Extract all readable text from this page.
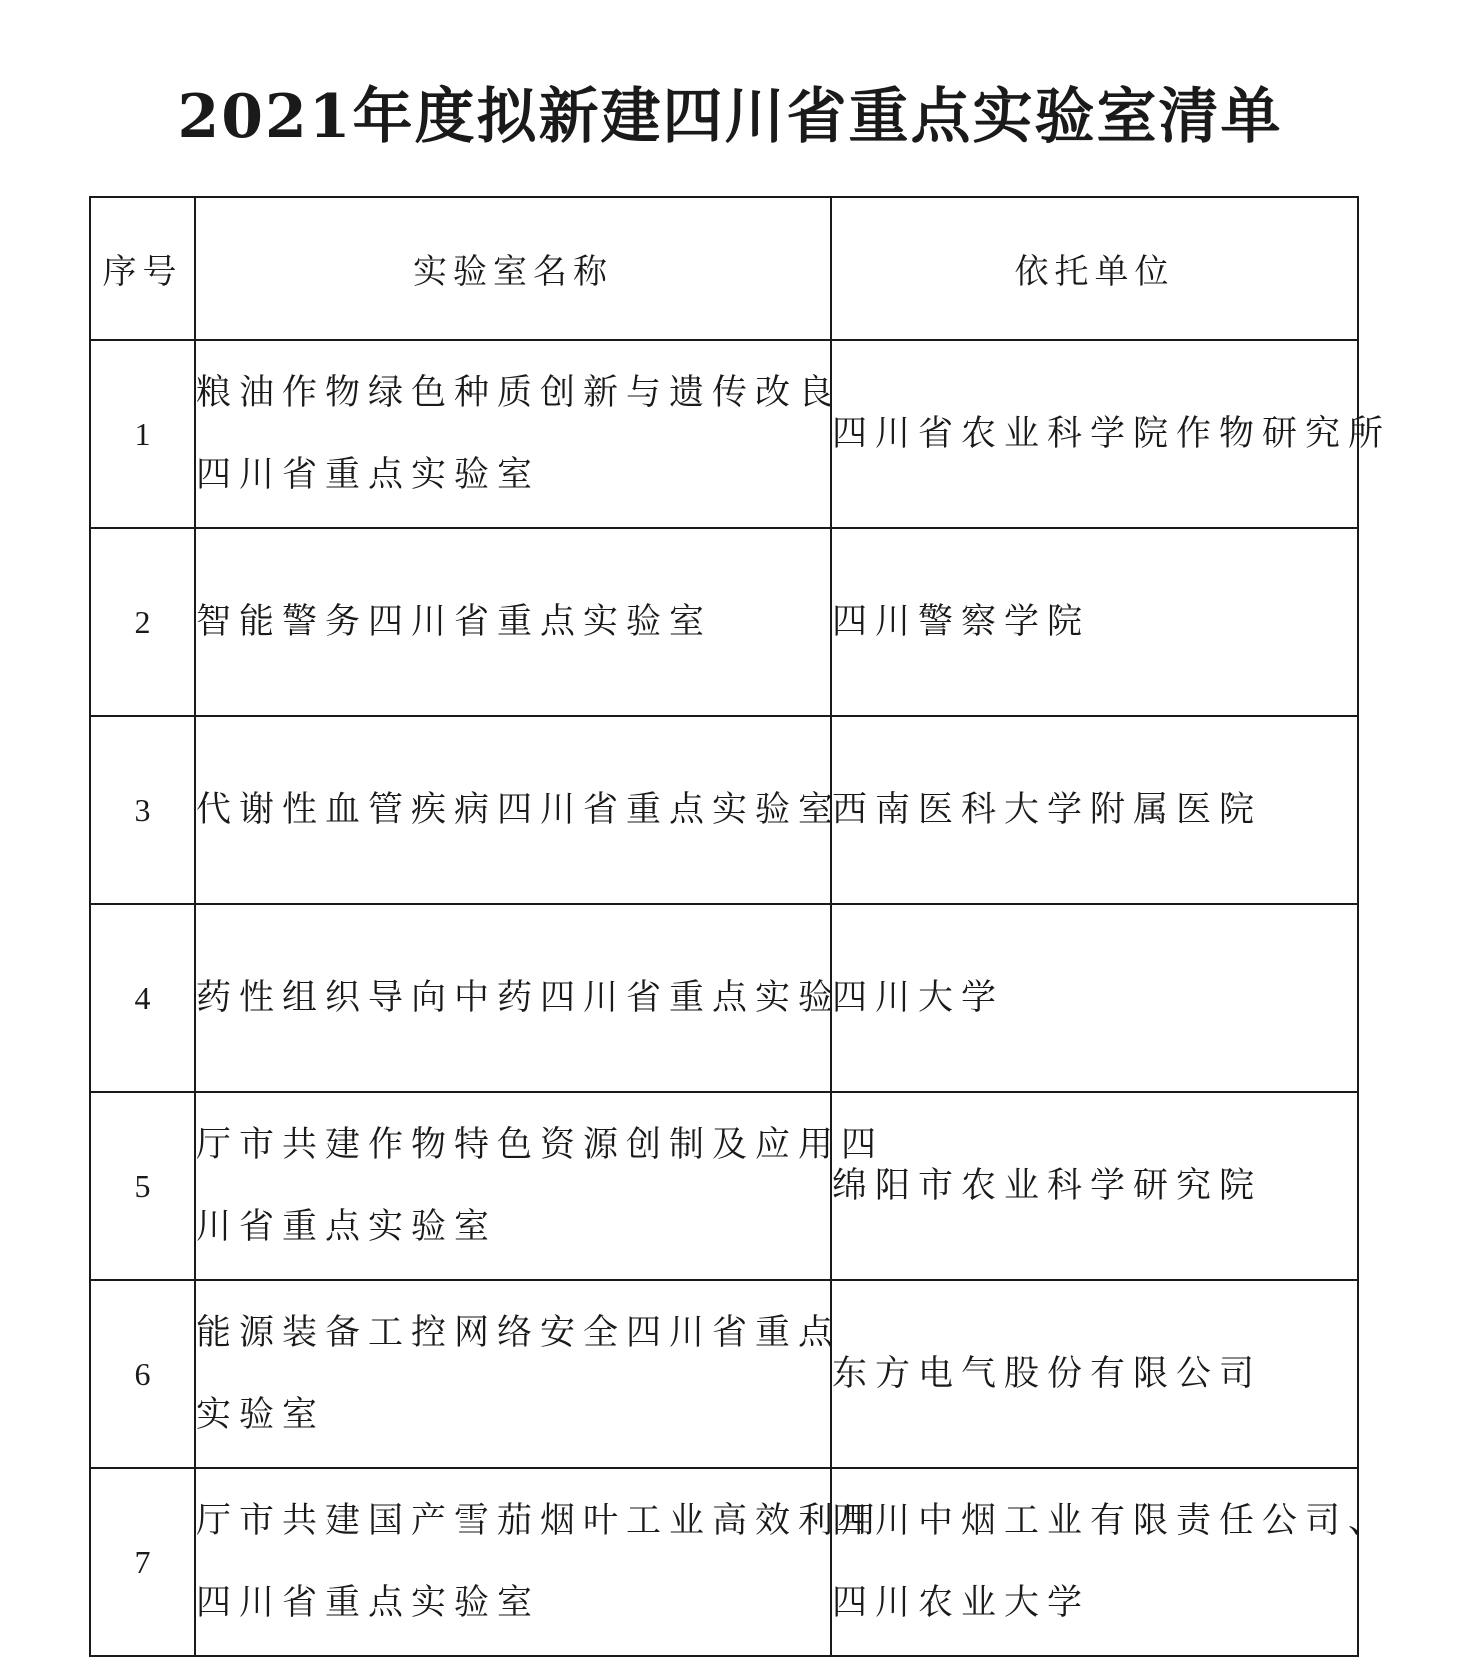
2021年度拟新建四川省重点实验室清单
序号	实验室名称	依托单位
1	粮油作物绿色种质创新与遗传改良
四川省重点实验室	四川省农业科学院作物研究所

2	智能警务四川省重点实验室	四川警察学院

3	代谢性血管疾病四川省重点实验室	西南医科大学附属医院

4	药性组织导向中药四川省重点实验	四川大学

5	厅市共建作物特色资源创制及应用四
川省重点实验室	绵阳市农业科学研究院

6	能源装备工控网络安全四川省重点
实验室	东方电气股份有限公司

7	厅市共建国产雪茄烟叶工业高效利用
四川省重点实验室	四川中烟工业有限责任公司、
四川农业大学
